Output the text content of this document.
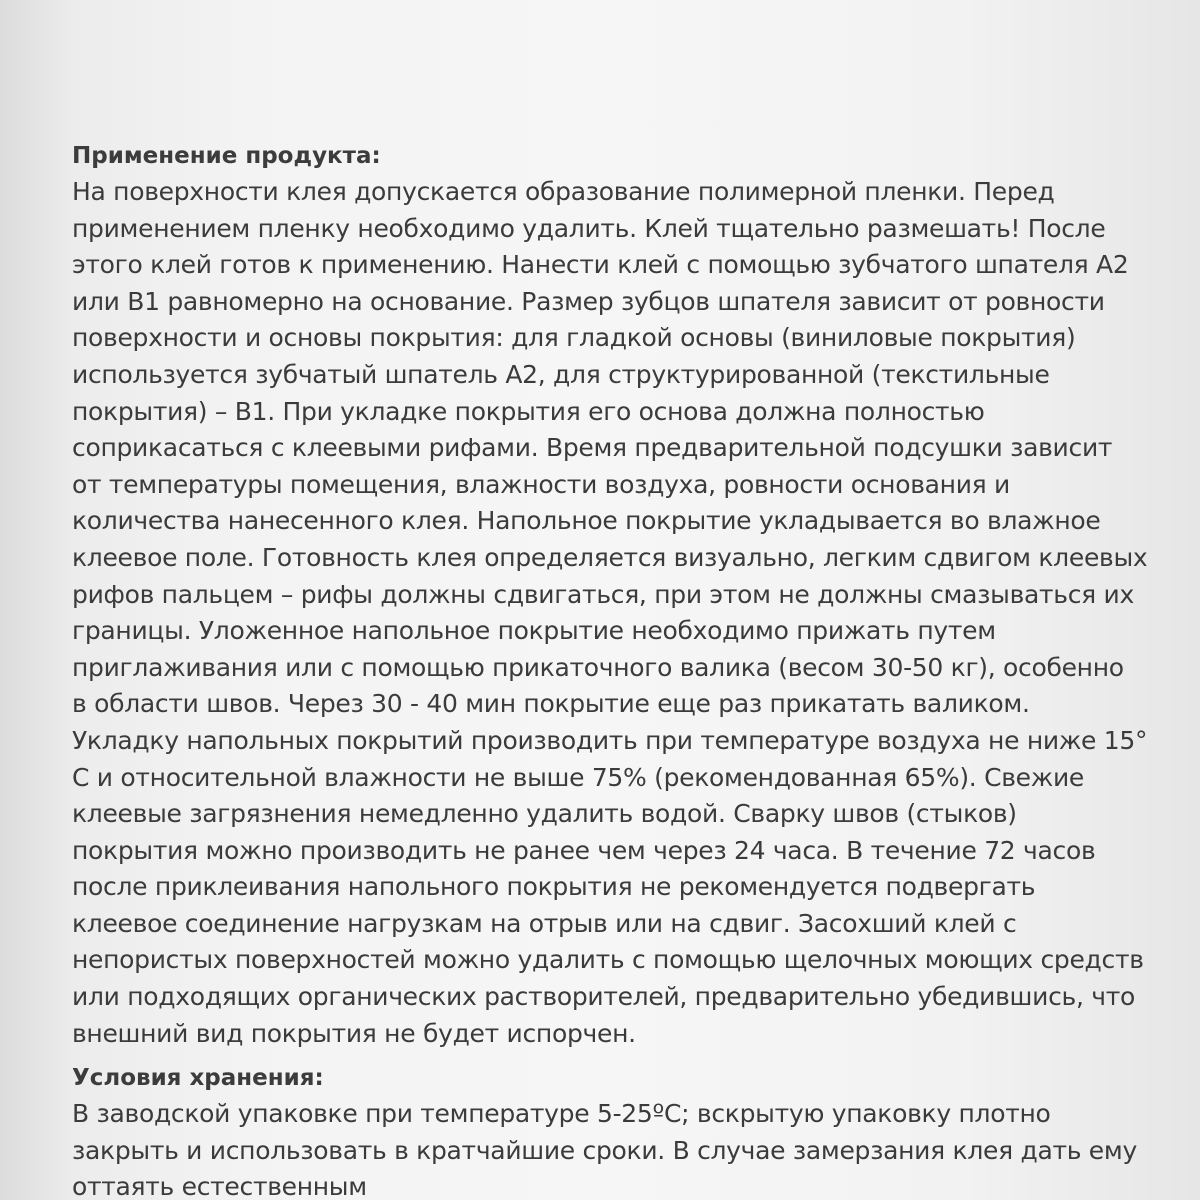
Применение продукта:
На поверхности клея допускается образование полимерной пленки. Перед
применением пленку необходимо удалить. Клей тщательно размешать! После
этого клей готов к применению. Нанести клей с помощью зубчатого шпателя А2
или В1 равномерно на основание. Размер зубцов шпателя зависит от ровности
поверхности и основы покрытия: для гладкой основы (виниловые покрытия)
используется зубчатый шпатель А2, для структурированной (текстильные
покрытия) – В1. При укладке покрытия его основа должна полностью
соприкасаться с клеевыми рифами. Время предварительной подсушки зависит
от температуры помещения, влажности воздуха, ровности основания и
количества нанесенного клея. Напольное покрытие укладывается во влажное
клеевое поле. Готовность клея определяется визуально, легким сдвигом клеевых
рифов пальцем – рифы должны сдвигаться, при этом не должны смазываться их
границы. Уложенное напольное покрытие необходимо прижать путем
приглаживания или с помощью прикаточного валика (весом 30-50 кг), особенно
в области швов. Через 30 - 40 мин покрытие еще раз прикатать валиком.
Укладку напольных покрытий производить при температуре воздуха не ниже 15°
С и относительной влажности не выше 75% (рекомендованная 65%). Свежие
клеевые загрязнения немедленно удалить водой. Сварку швов (стыков)
покрытия можно производить не ранее чем через 24 часа. В течение 72 часов
после приклеивания напольного покрытия не рекомендуется подвергать
клеевое соединение нагрузкам на отрыв или на сдвиг. Засохший клей с
непористых поверхностей можно удалить с помощью щелочных моющих средств
или подходящих органических растворителей, предварительно убедившись, что
внешний вид покрытия не будет испорчен.
Условия хранения:
В заводской упаковке при температуре 5-25ºС; вскрытую упаковку плотно
закрыть и использовать в кратчайшие сроки. В случае замерзания клея дать ему
оттаять естественным
